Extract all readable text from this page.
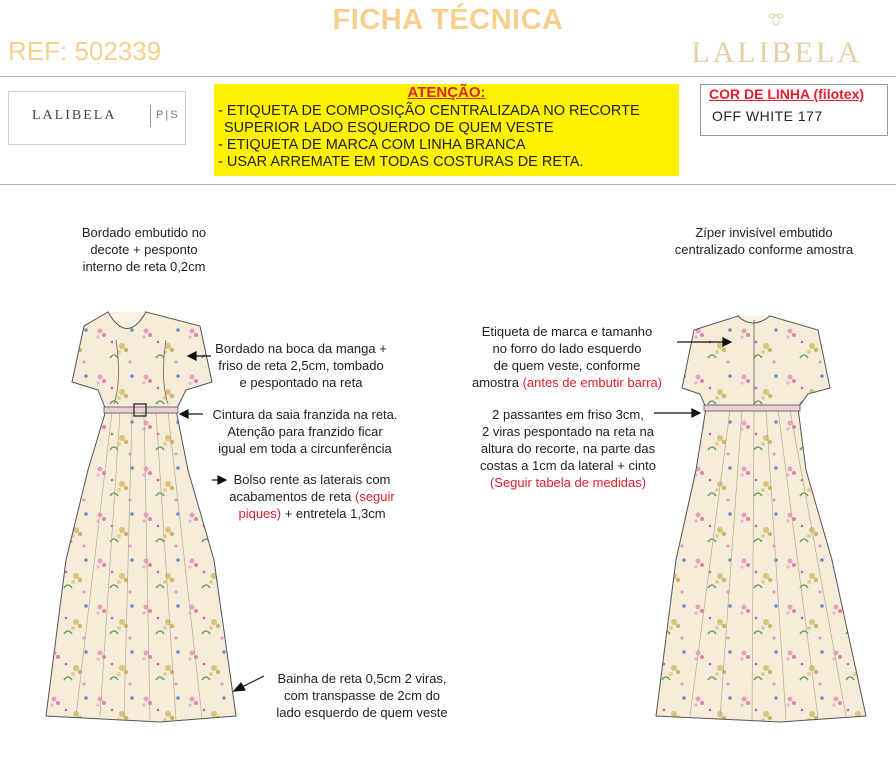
FICHA TÉCNICA
REF: 502339	LALIBELA
LALIBELA	P|S
ATENÇÃO:
- ETIQUETA DE COMPOSIÇÃO CENTRALIZADA NO RECORTE
SUPERIOR LADO ESQUERDO DE QUEM VESTE
- ETIQUETA DE MARCA COM LINHA BRANCA
- USAR ARREMATE EM TODAS COSTURAS DE RETA.
COR DE LINHA (filotex)
OFF WHITE 177
Bordado embutido no
decote + pesponto
interno de reta 0,2cm
Bordado na boca da manga +
friso de reta 2,5cm, tombado
e pespontado na reta
Cintura da saia franzida na reta.
Atenção para franzido ficar
igual em toda a circunferência
Bolso rente as laterais com
acabamentos de reta (seguir
piques) + entretela 1,3cm
Bainha de reta 0,5cm 2 viras,
com transpasse de 2cm do
lado esquerdo de quem veste
Zíper invisível embutido
centralizado conforme amostra
Etiqueta de marca e tamanho
no forro do lado esquerdo
de quem veste, conforme
amostra (antes de embutir barra)
2 passantes em friso 3cm,
2 viras pespontado na reta na
altura do recorte, na parte das
costas a 1cm da lateral + cinto
(Seguir tabela de medidas)
